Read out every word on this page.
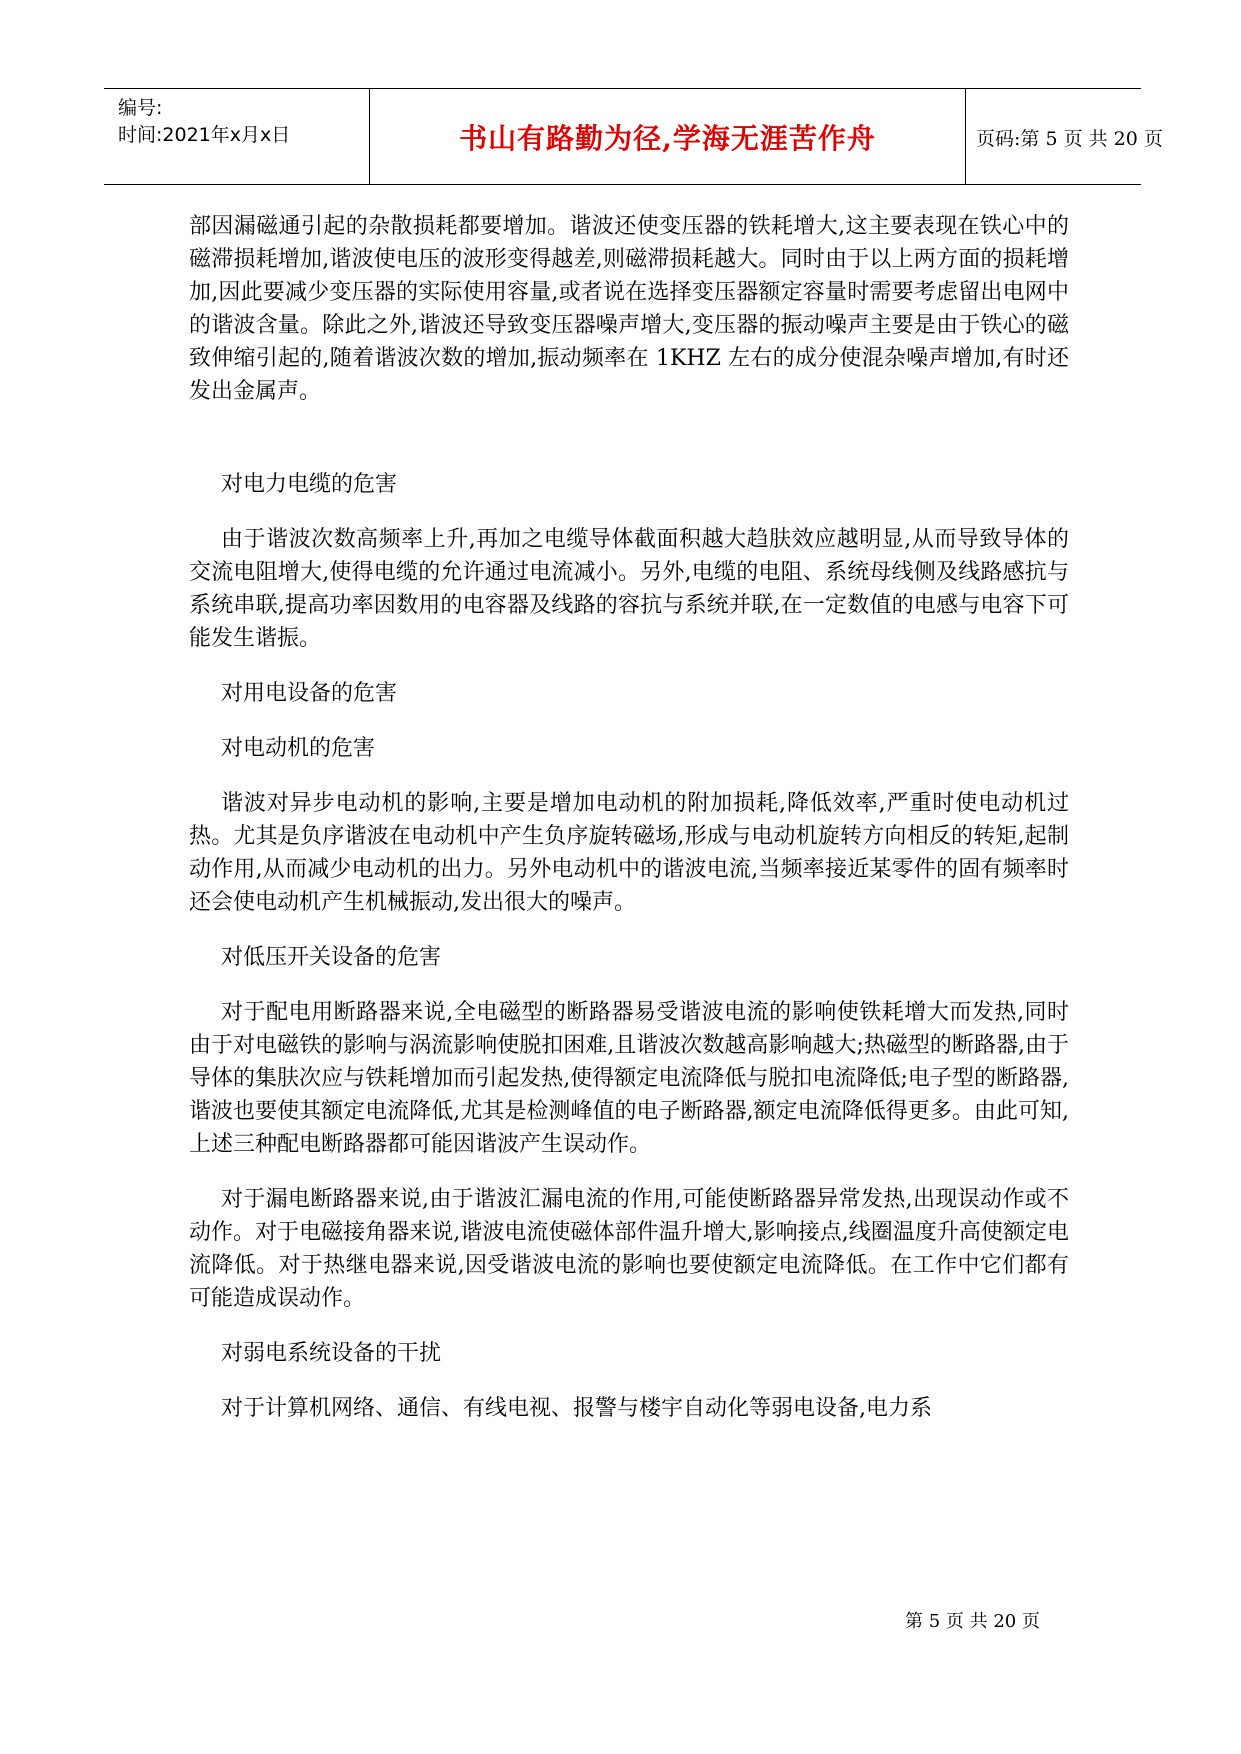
编号:
时间:2021年x月x日	书山有路勤为径,学海无涯苦作舟	页码:第 5 页 共 20 页

部因漏磁通引起的杂散损耗都要增加。谐波还使变压器的铁耗增大,这主要表现在铁心中的磁滞损耗增加,谐波使电压的波形变得越差,则磁滞损耗越大。同时由于以上两方面的损耗增加,因此要减少变压器的实际使用容量,或者说在选择变压器额定容量时需要考虑留出电网中的谐波含量。除此之外,谐波还导致变压器噪声增大,变压器的振动噪声主要是由于铁心的磁致伸缩引起的,随着谐波次数的增加,振动频率在 1KHZ 左右的成分使混杂噪声增加,有时还发出金属声。

对电力电缆的危害

由于谐波次数高频率上升,再加之电缆导体截面积越大趋肤效应越明显,从而导致导体的交流电阻增大,使得电缆的允许通过电流减小。另外,电缆的电阻、系统母线侧及线路感抗与系统串联,提高功率因数用的电容器及线路的容抗与系统并联,在一定数值的电感与电容下可能发生谐振。

对用电设备的危害

对电动机的危害

谐波对异步电动机的影响,主要是增加电动机的附加损耗,降低效率,严重时使电动机过热。尤其是负序谐波在电动机中产生负序旋转磁场,形成与电动机旋转方向相反的转矩,起制动作用,从而减少电动机的出力。另外电动机中的谐波电流,当频率接近某零件的固有频率时还会使电动机产生机械振动,发出很大的噪声。

对低压开关设备的危害

对于配电用断路器来说,全电磁型的断路器易受谐波电流的影响使铁耗增大而发热,同时由于对电磁铁的影响与涡流影响使脱扣困难,且谐波次数越高影响越大;热磁型的断路器,由于导体的集肤次应与铁耗增加而引起发热,使得额定电流降低与脱扣电流降低;电子型的断路器,谐波也要使其额定电流降低,尤其是检测峰值的电子断路器,额定电流降低得更多。由此可知,上述三种配电断路器都可能因谐波产生误动作。

对于漏电断路器来说,由于谐波汇漏电流的作用,可能使断路器异常发热,出现误动作或不动作。对于电磁接角器来说,谐波电流使磁体部件温升增大,影响接点,线圈温度升高使额定电流降低。对于热继电器来说,因受谐波电流的影响也要使额定电流降低。在工作中它们都有可能造成误动作。

对弱电系统设备的干扰

对于计算机网络、通信、有线电视、报警与楼宇自动化等弱电设备,电力系

第 5 页 共 20 页
